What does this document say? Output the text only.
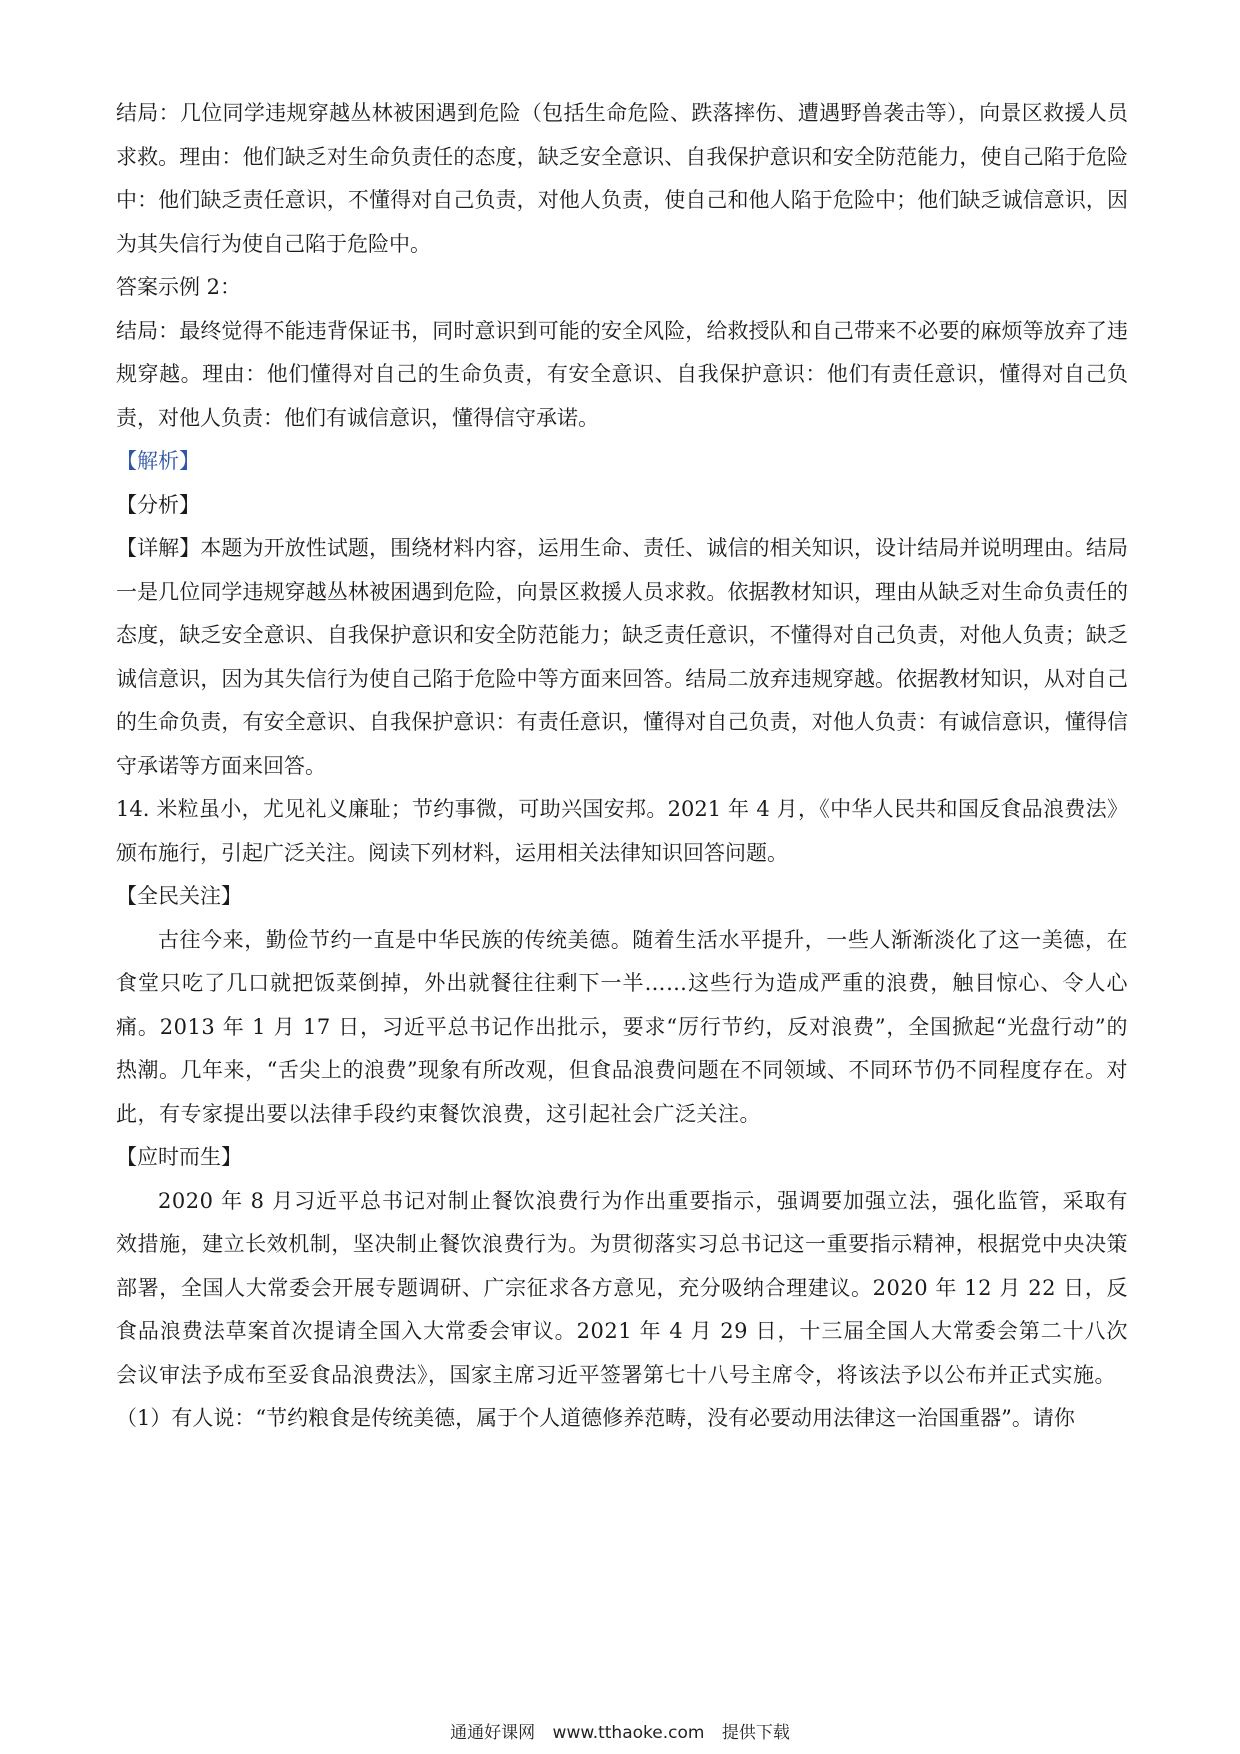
结局：几位同学违规穿越丛林被困遇到危险（包括生命危险、跌落摔伤、遭遇野兽袭击等），向景区救援人员求救。理由：他们缺乏对生命负责任的态度，缺乏安全意识、自我保护意识和安全防范能力，使自己陷于危险中：他们缺乏责任意识，不懂得对自己负责，对他人负责，使自己和他人陷于危险中；他们缺乏诚信意识，因为其失信行为使自己陷于危险中。

答案示例 2：

结局：最终觉得不能违背保证书，同时意识到可能的安全风险，给救授队和自己带来不必要的麻烦等放弃了违规穿越。理由：他们懂得对自己的生命负责，有安全意识、自我保护意识：他们有责任意识，懂得对自己负责，对他人负责：他们有诚信意识，懂得信守承诺。

【解析】

【分析】

【详解】本题为开放性试题，围绕材料内容，运用生命、责任、诚信的相关知识，设计结局并说明理由。结局一是几位同学违规穿越丛林被困遇到危险，向景区救援人员求救。依据教材知识，理由从缺乏对生命负责任的态度，缺乏安全意识、自我保护意识和安全防范能力；缺乏责任意识，不懂得对自己负责，对他人负责；缺乏诚信意识，因为其失信行为使自己陷于危险中等方面来回答。结局二放弃违规穿越。依据教材知识，从对自己的生命负责，有安全意识、自我保护意识：有责任意识，懂得对自己负责，对他人负责：有诚信意识，懂得信守承诺等方面来回答。

14. 米粒虽小，尤见礼义廉耻；节约事微，可助兴国安邦。2021 年 4 月，《中华人民共和国反食品浪费法》颁布施行，引起广泛关注。阅读下列材料，运用相关法律知识回答问题。

【全民关注】

古往今来，勤俭节约一直是中华民族的传统美德。随着生活水平提升，一些人渐渐淡化了这一美德，在食堂只吃了几口就把饭菜倒掉，外出就餐往往剩下一半……这些行为造成严重的浪费，触目惊心、令人心痛。2013 年 1 月 17 日，习近平总书记作出批示，要求“厉行节约，反对浪费”，全国掀起“光盘行动”的热潮。几年来，“舌尖上的浪费”现象有所改观，但食品浪费问题在不同领域、不同环节仍不同程度存在。对此，有专家提出要以法律手段约束餐饮浪费，这引起社会广泛关注。

【应时而生】

2020 年 8 月习近平总书记对制止餐饮浪费行为作出重要指示，强调要加强立法，强化监管，采取有效措施，建立长效机制，坚决制止餐饮浪费行为。为贯彻落实习总书记这一重要指示精神，根据党中央决策部署，全国人大常委会开展专题调研、广宗征求各方意见，充分吸纳合理建议。2020 年 12 月 22 日，反食品浪费法草案首次提请全国入大常委会审议。2021 年 4 月 29 日，十三届全国人大常委会第二十八次会议审法予成布至妥食品浪费法》，国家主席习近平签署第七十八号主席令，将该法予以公布并正式实施。

（1）有人说：“节约粮食是传统美德，属于个人道德修养范畴，没有必要动用法律这一治国重器”。请你

通通好课网 www.tthaoke.com 提供下载
